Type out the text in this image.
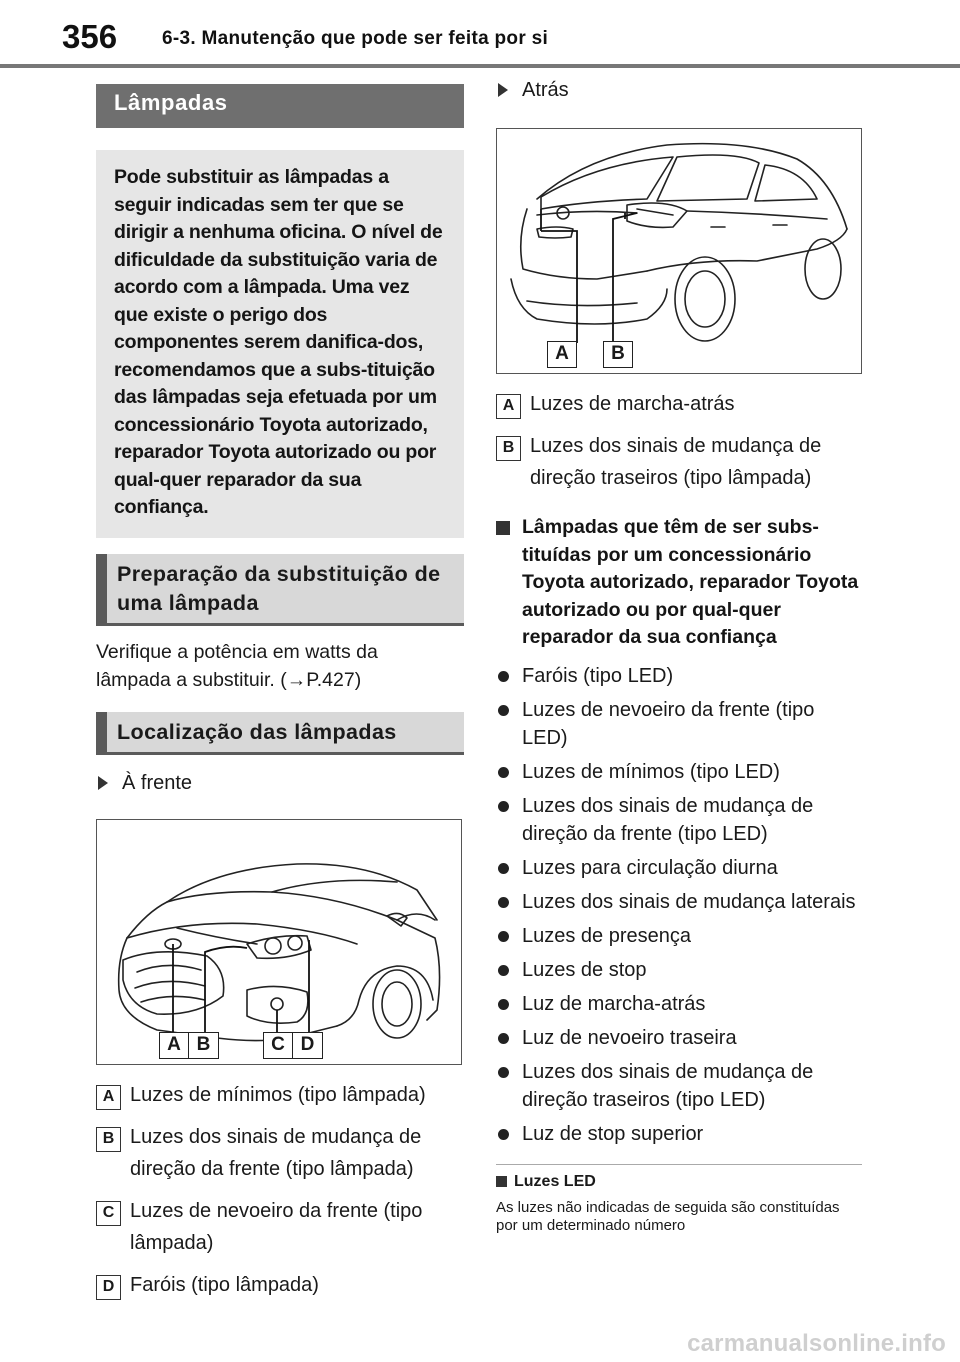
356 6-3. Manutenção que pode ser feita por si
Lâmpadas
Pode substituir as lâmpadas a seguir indicadas sem ter que se dirigir a nenhuma oficina. O nível de dificuldade da substituição varia de acordo com a lâmpada. Uma vez que existe o perigo dos componentes serem danifica-dos, recomendamos que a subs-tituição das lâmpadas seja efetuada por um concessionário Toyota autorizado, reparador Toyota autorizado ou por qual-quer reparador da sua confiança.
Preparação da substituição de uma lâmpada
Verifique a potência em watts da lâmpada a substituir. (→P.427)
Localização das lâmpadas
À frente
A B	C D
A Luzes de mínimos (tipo lâmpada)
B Luzes dos sinais de mudança de direção da frente (tipo lâmpada)
C Luzes de nevoeiro da frente (tipo lâmpada)
D Faróis (tipo lâmpada)
Atrás
A	B
A Luzes de marcha-atrás
B Luzes dos sinais de mudança de direção traseiros (tipo lâmpada)
Lâmpadas que têm de ser subs-tituídas por um concessionário Toyota autorizado, reparador Toyota autorizado ou por qual-quer reparador da sua confiança
Faróis (tipo LED)
Luzes de nevoeiro da frente (tipo LED)
Luzes de mínimos (tipo LED)
Luzes dos sinais de mudança de direção da frente (tipo LED)
Luzes para circulação diurna
Luzes dos sinais de mudança laterais
Luzes de presença
Luzes de stop
Luz de marcha-atrás
Luz de nevoeiro traseira
Luzes dos sinais de mudança de direção traseiros (tipo LED)
Luz de stop superior
Luzes LED
As luzes não indicadas de seguida são constituídas por um determinado número
carmanualsonline.info
